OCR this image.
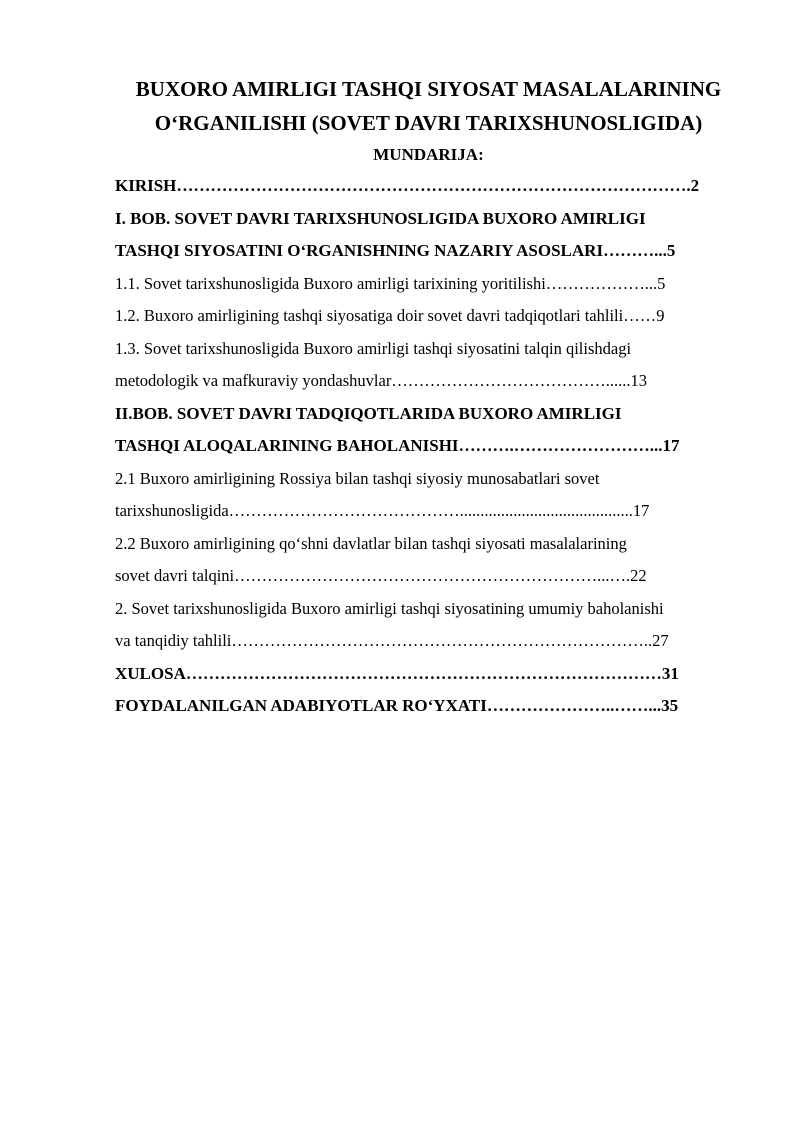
BUXORO AMIRLIGI TASHQI SIYOSAT MASALALARINING
O‘RGANILISHI (SOVET DAVRI TARIXSHUNOSLIGIDA)
MUNDARIJA:
KIRISH……………………………………………………………………………….2
I. BOB. SOVET DAVRI TARIXSHUNOSLIGIDA BUXORO AMIRLIGI
TASHQI SIYOSATINI O‘RGANISHNING NAZARIY ASOSLARI………...5
1.1. Sovet tarixshunosligida Buxoro amirligi tarixining yoritilishi………………...5
1.2. Buxoro amirligining tashqi siyosatiga doir sovet davri tadqiqotlari tahlili……9
1.3. Sovet tarixshunosligida Buxoro amirligi tashqi siyosatini talqin qilishdagi
metodologik va mafkuraviy yondashuvlar…………………………………......13
II.BOB. SOVET DAVRI TADQIQOTLARIDA BUXORO AMIRLIGI
TASHQI ALOQALARINING BAHOLANISHI……….……………………...17
2.1 Buxoro amirligining Rossiya bilan tashqi siyosiy munosabatlari sovet
tarixshunosligida……………………………………..........................................17
2.2 Buxoro amirligining qo‘shni davlatlar bilan tashqi siyosati masalalarining
sovet davri talqini…………………………………………………………...….22
2. Sovet tarixshunosligida Buxoro amirligi tashqi siyosatining umumiy baholanishi
va tanqidiy tahlili…………………………………………………………………..27
XULOSA…………………………………………………………………………31
FOYDALANILGAN ADABIYOTLAR RO‘YXATI…………………..……...35
